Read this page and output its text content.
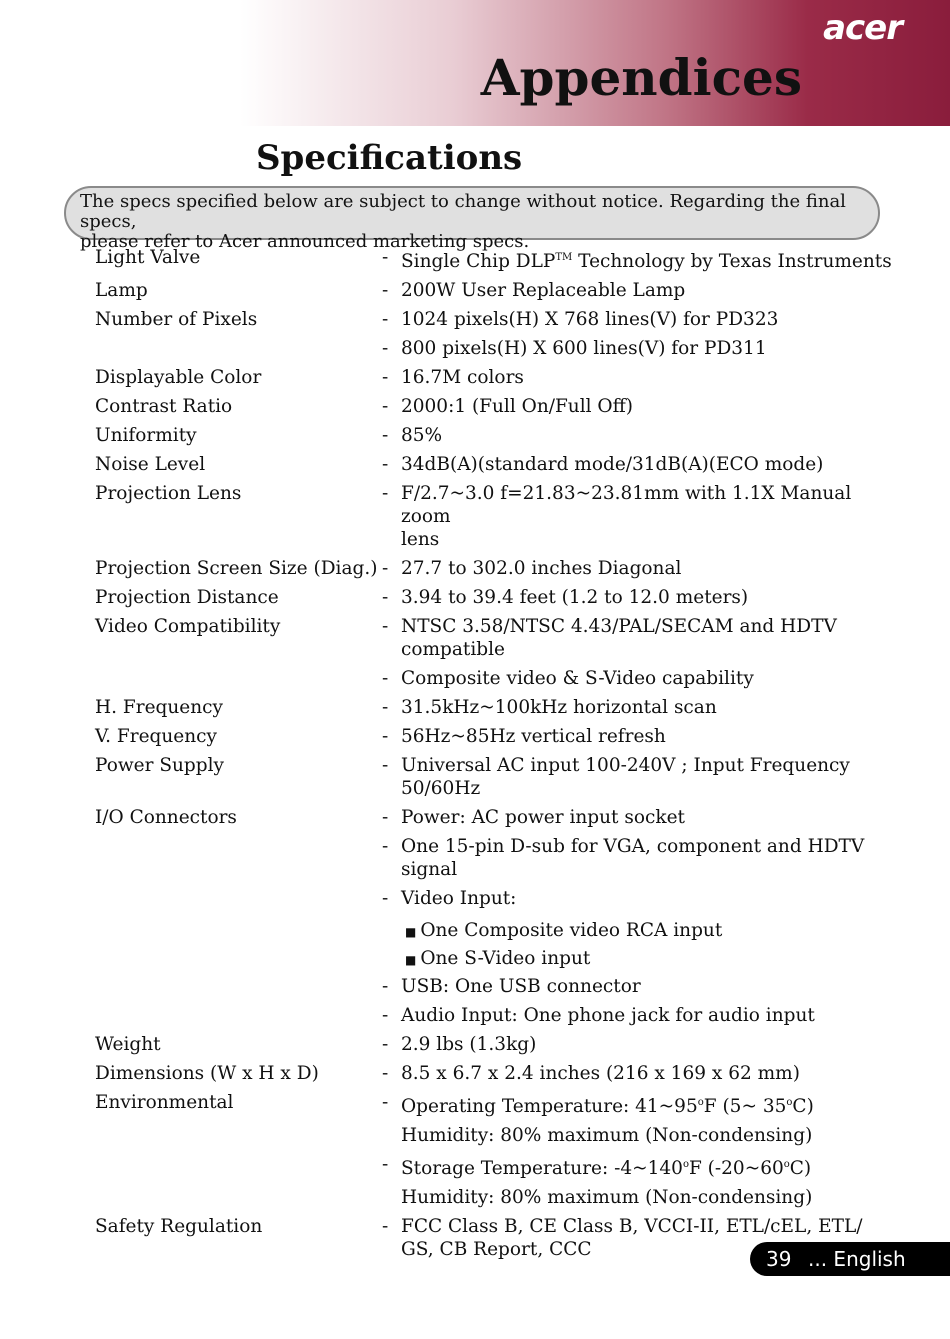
acer
Appendices
Specifications
The specs specified below are subject to change without notice. Regarding the final specs,
please refer to Acer announced marketing specs.
Light Valve	- Single Chip DLP™ Technology by Texas Instruments
Lamp	- 200W User Replaceable Lamp
Number of Pixels	- 1024 pixels(H) X 768 lines(V) for PD323
- 800 pixels(H) X 600 lines(V) for PD311
Displayable Color	- 16.7M colors
Contrast Ratio	- 2000:1 (Full On/Full Off)
Uniformity	- 85%
Noise Level	- 34dB(A)(standard mode/31dB(A)(ECO mode)
Projection Lens	- F/2.7~3.0 f=21.83~23.81mm with 1.1X Manual zoom
lens
Projection Screen Size (Diag.) - 27.7 to 302.0 inches Diagonal
Projection Distance	- 3.94 to 39.4 feet (1.2 to 12.0 meters)
Video Compatibility	- NTSC 3.58/NTSC 4.43/PAL/SECAM and HDTV
compatible
- Composite video & S-Video capability
H. Frequency	- 31.5kHz~100kHz horizontal scan
V. Frequency	- 56Hz~85Hz vertical refresh
Power Supply	- Universal AC input 100-240V ; Input Frequency
50/60Hz
I/O Connectors	- Power: AC power input socket
- One 15-pin D-sub for VGA, component and HDTV
signal
- Video Input:
■ One Composite video RCA input
■ One S-Video input
- USB: One USB connector
- Audio Input: One phone jack for audio input
Weight	- 2.9 lbs (1.3kg)
Dimensions (W x H x D)	- 8.5 x 6.7 x 2.4 inches (216 x 169 x 62 mm)
Environmental	- Operating Temperature: 41~95$^o$F (5~ 35$^o$C)
Humidity: 80% maximum (Non-condensing)
- Storage Temperature: -4~140$^o$F (-20~60$^o$C)
Humidity: 80% maximum (Non-condensing)
Safety Regulation	- FCC Class B, CE Class B, VCCI-II, ETL/cEL, ETL/
GS, CB Report, CCC	39 ... English
